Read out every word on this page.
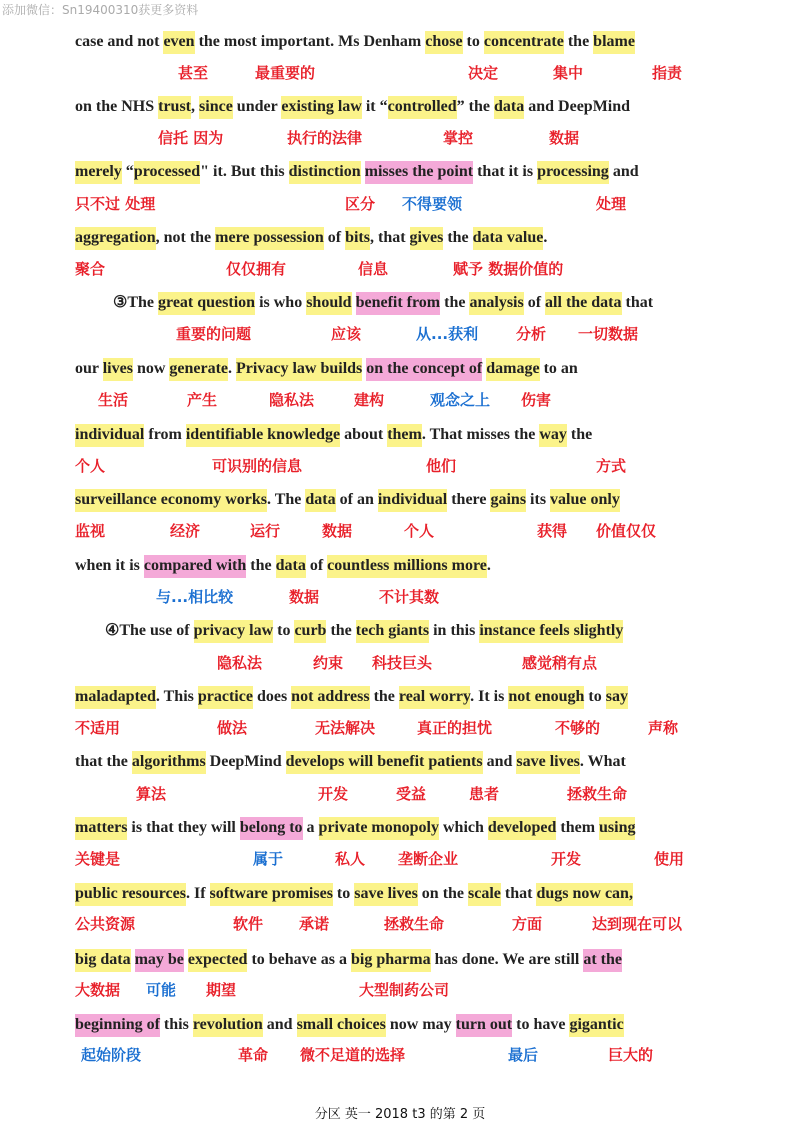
添加微信：Sn19400310获更多资料
case and not even the most important. Ms Denham chose to concentrate the blame
on the NHS trust, since under existing law it “controlled” the data and DeepMind
merely “processed" it. But this distinction misses the point that it is processing and
aggregation, not the mere possession of bits, that gives the data value.
③The great question is who should benefit from the analysis of all the data that
our lives now generate. Privacy law builds on the concept of damage to an
individual from identifiable knowledge about them. That misses the way the
surveillance economy works. The data of an individual there gains its value only
when it is compared with the data of countless millions more.
④The use of privacy law to curb the tech giants in this instance feels slightly
maladapted. This practice does not address the real worry. It is not enough to say
that the algorithms DeepMind develops will benefit patients and save lives. What
matters is that they will belong to a private monopoly which developed them using
public resources. If software promises to save lives on the scale that dugs now can,
big data may be expected to behave as a big pharma has done. We are still at the
beginning of this revolution and small choices now may turn out to have gigantic
甚至	最重要的	决定	集中	指责
信托 因为	执行的法律	掌控	数据
只不过 处理	区分 不得要领	处理
聚合	仅仅拥有	信息	赋予 数据价值的
重要的问题	应该	从...获利	分析 一切数据
生活	产生	隐私法	建构	观念之上 伤害
个人	可识别的信息	他们	方式
监视	经济	运行	数据	个人	获得 价值仅仅
与...相比较	数据	不计其数
隐私法	约束 科技巨头	感觉稍有点
不适用	做法	无法解决	真正的担忧	不够的	声称
算法	开发	受益	患者	拯救生命
关键是	属于	私人 垄断企业	开发	使用
公共资源	软件 承诺	拯救生命	方面	达到现在可以
大数据 可能 期望	大型制药公司
起始阶段	革命 微不足道的选择	最后	巨大的
分区 英一 2018 t3 的第 2 页
